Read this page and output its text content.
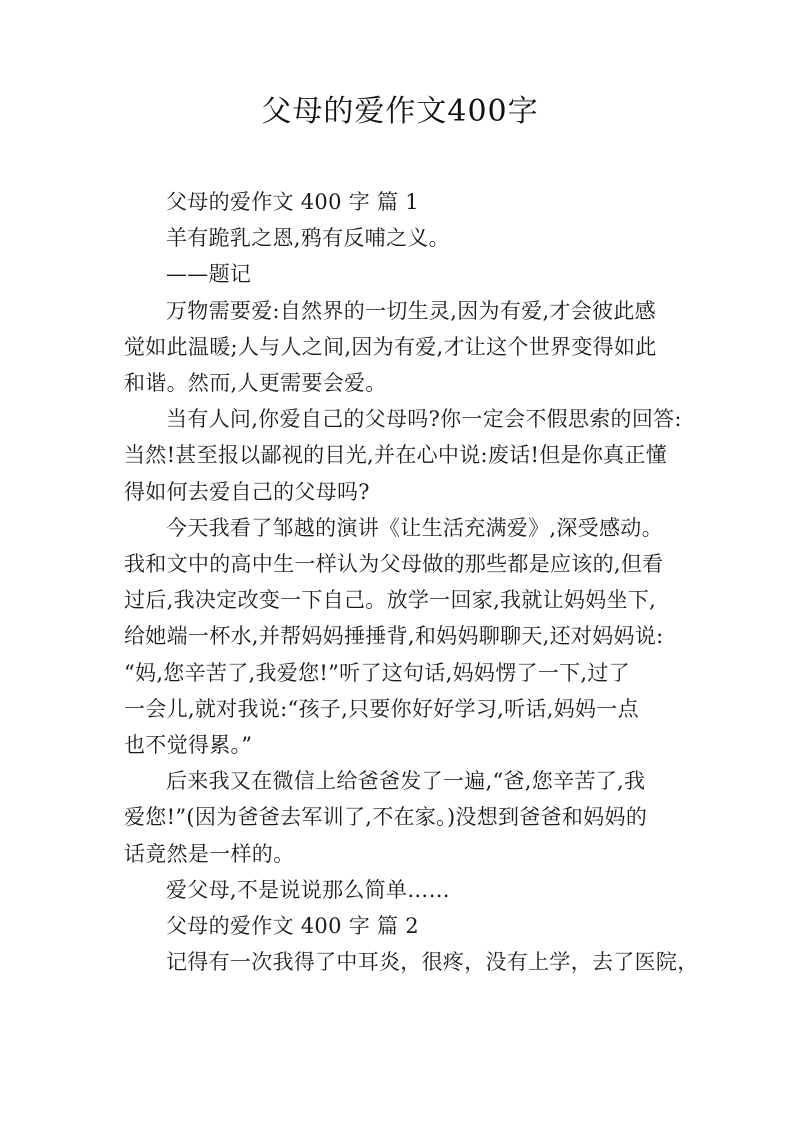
父母的爱作文400字
父母的爱作文 400 字 篇 1
羊有跪乳之恩,鸦有反哺之义。
——题记
万物需要爱:自然界的一切生灵,因为有爱,才会彼此感
觉如此温暖;人与人之间,因为有爱,才让这个世界变得如此
和谐。然而,人更需要会爱。
当有人问,你爱自己的父母吗?你一定会不假思索的回答:
当然!甚至报以鄙视的目光,并在心中说:废话!但是你真正懂
得如何去爱自己的父母吗?
今天我看了邹越的演讲《让生活充满爱》,深受感动。
我和文中的高中生一样认为父母做的那些都是应该的,但看
过后,我决定改变一下自己。放学一回家,我就让妈妈坐下,
给她端一杯水,并帮妈妈捶捶背,和妈妈聊聊天,还对妈妈说:
“妈,您辛苦了,我爱您!”听了这句话,妈妈愣了一下,过了
一会儿,就对我说:“孩子,只要你好好学习,听话,妈妈一点
也不觉得累。”
后来我又在微信上给爸爸发了一遍,“爸,您辛苦了,我
爱您!”(因为爸爸去军训了,不在家。)没想到爸爸和妈妈的
话竟然是一样的。
爱父母,不是说说那么简单……
父母的爱作文 400 字 篇 2
记得有一次我得了中耳炎，很疼，没有上学，去了医院，
